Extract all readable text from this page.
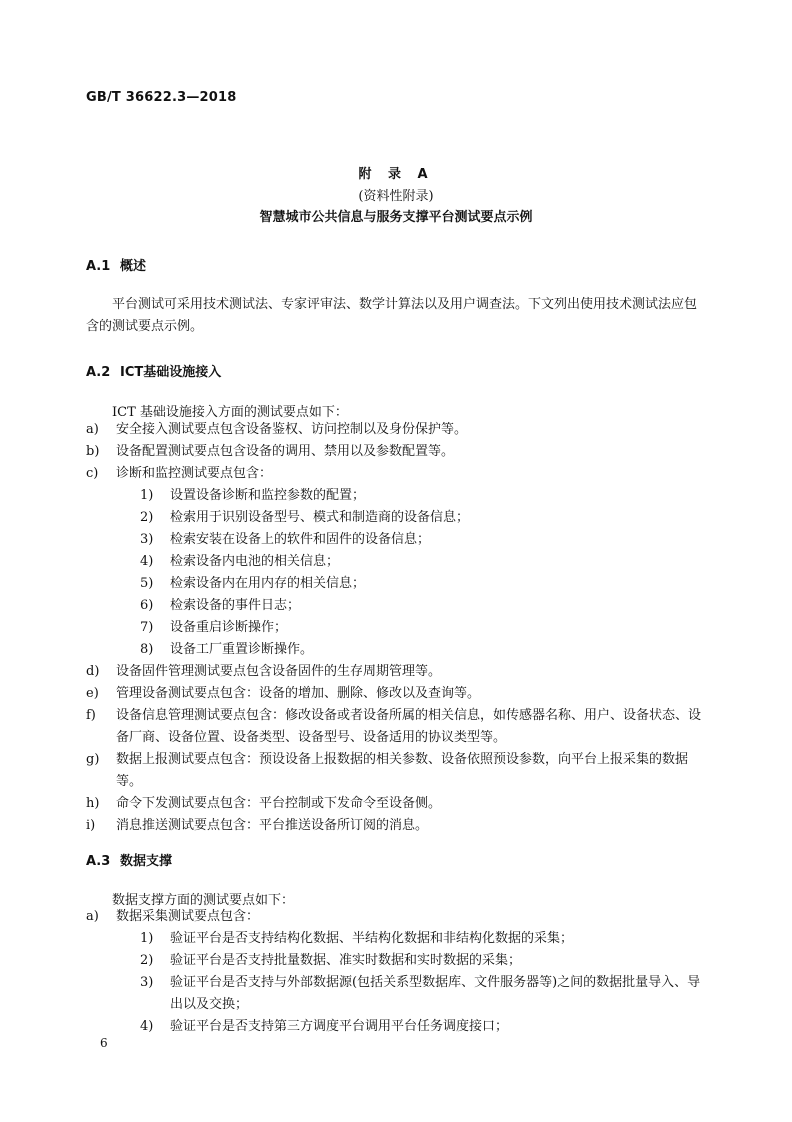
GB/T 36622.3—2018
附 录 A
(资料性附录)
智慧城市公共信息与服务支撑平台测试要点示例
A.1 概述
平台测试可采用技术测试法、专家评审法、数学计算法以及用户调查法。下文列出使用技术测试法应包含的测试要点示例。
A.2 ICT基础设施接入
ICT 基础设施接入方面的测试要点如下：
a) 安全接入测试要点包含设备鉴权、访问控制以及身份保护等。
b) 设备配置测试要点包含设备的调用、禁用以及参数配置等。
c) 诊断和监控测试要点包含：
1) 设置设备诊断和监控参数的配置；
2) 检索用于识别设备型号、模式和制造商的设备信息；
3) 检索安装在设备上的软件和固件的设备信息；
4) 检索设备内电池的相关信息；
5) 检索设备内在用内存的相关信息；
6) 检索设备的事件日志；
7) 设备重启诊断操作；
8) 设备工厂重置诊断操作。
d) 设备固件管理测试要点包含设备固件的生存周期管理等。
e) 管理设备测试要点包含：设备的增加、删除、修改以及查询等。
f) 设备信息管理测试要点包含：修改设备或者设备所属的相关信息，如传感器名称、用户、设备状态、设备厂商、设备位置、设备类型、设备型号、设备适用的协议类型等。
g) 数据上报测试要点包含：预设设备上报数据的相关参数、设备依照预设参数，向平台上报采集的数据等。
h) 命令下发测试要点包含：平台控制或下发命令至设备侧。
i) 消息推送测试要点包含：平台推送设备所订阅的消息。
A.3 数据支撑
数据支撑方面的测试要点如下：
a) 数据采集测试要点包含：
1) 验证平台是否支持结构化数据、半结构化数据和非结构化数据的采集；
2) 验证平台是否支持批量数据、准实时数据和实时数据的采集；
3) 验证平台是否支持与外部数据源(包括关系型数据库、文件服务器等)之间的数据批量导入、导出以及交换；
4) 验证平台是否支持第三方调度平台调用平台任务调度接口；
6
